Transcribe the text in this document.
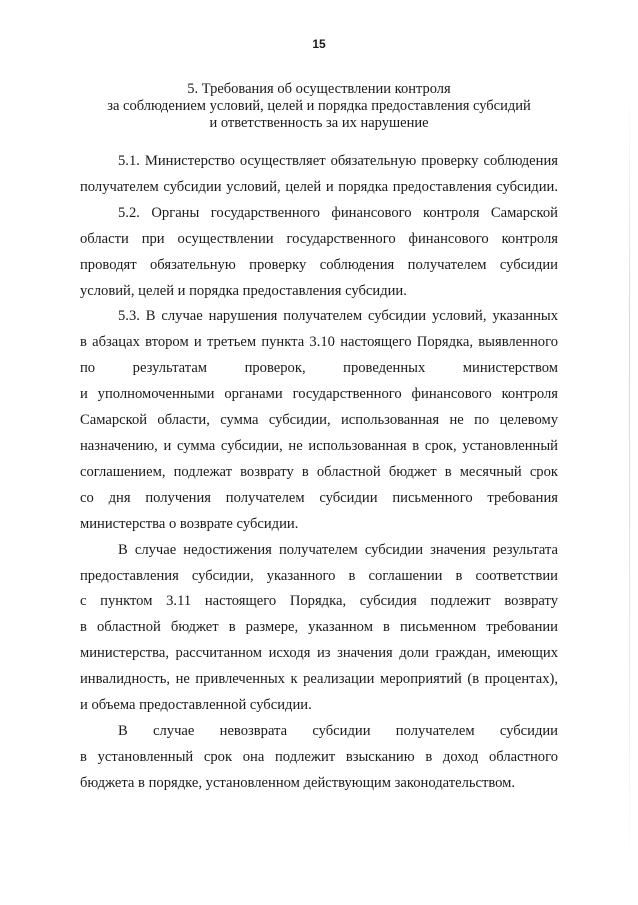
15
5. Требования об осуществлении контроля
за соблюдением условий, целей и порядка предоставления субсидий
и ответственность за их нарушение
5.1. Министерство осуществляет обязательную проверку соблюдения
получателем субсидии условий, целей и порядка предоставления субсидии.
5.2. Органы государственного финансового контроля Самарской
области при осуществлении государственного финансового контроля
проводят обязательную проверку соблюдения получателем субсидии
условий, целей и порядка предоставления субсидии.
5.3. В случае нарушения получателем субсидии условий, указанных
в абзацах втором и третьем пункта 3.10 настоящего Порядка, выявленного
по результатам проверок, проведенных министерством
и уполномоченными органами государственного финансового контроля
Самарской области, сумма субсидии, использованная не по целевому
назначению, и сумма субсидии, не использованная в срок, установленный
соглашением, подлежат возврату в областной бюджет в месячный срок
со дня получения получателем субсидии письменного требования
министерства о возврате субсидии.
В случае недостижения получателем субсидии значения результата
предоставления субсидии, указанного в соглашении в соответствии
с пунктом 3.11 настоящего Порядка, субсидия подлежит возврату
в областной бюджет в размере, указанном в письменном требовании
министерства, рассчитанном исходя из значения доли граждан, имеющих
инвалидность, не привлеченных к реализации мероприятий (в процентах),
и объема предоставленной субсидии.
В случае невозврата субсидии получателем субсидии
в установленный срок она подлежит взысканию в доход областного
бюджета в порядке, установленном действующим законодательством.
